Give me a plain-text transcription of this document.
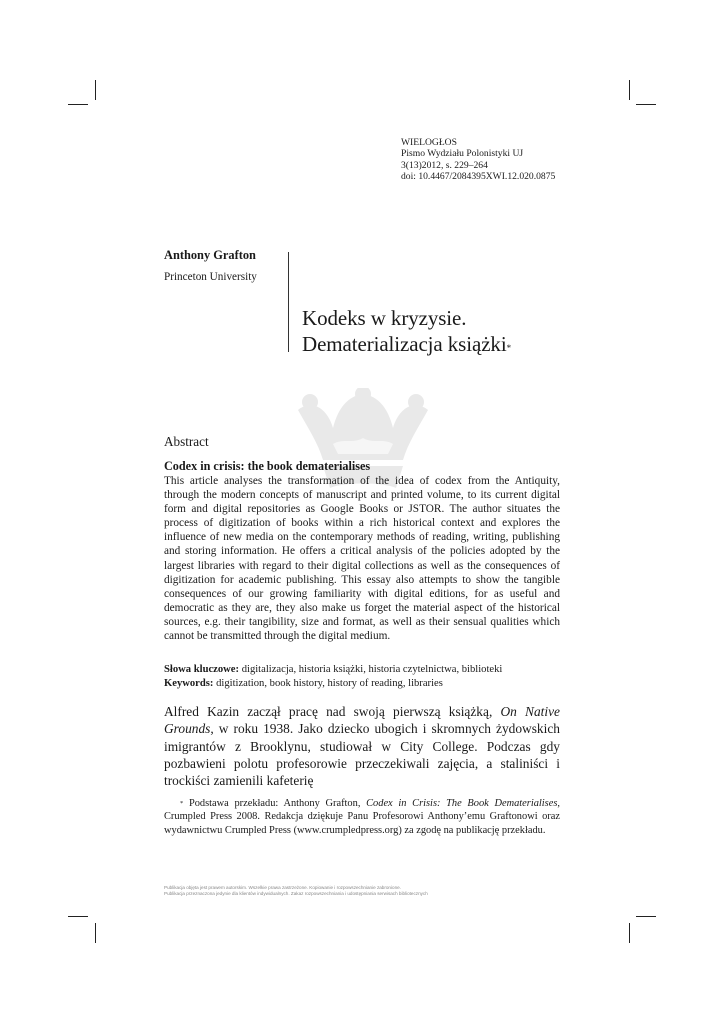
WIELOGŁOS
Pismo Wydziału Polonistyki UJ
3(13)2012, s. 229–264
doi: 10.4467/2084395XWI.12.020.0875
Anthony Grafton
Princeton University
Kodeks w kryzysie.
Dematerializacja książki*
Abstract
Codex in crisis: the book dematerialises
This article analyses the transformation of the idea of codex from the Antiquity, through the modern concepts of manuscript and printed volume, to its current digital form and digital repositories as Google Books or JSTOR. The author situates the process of digitization of books within a rich historical context and explores the influence of new media on the contemporary methods of reading, writing, publishing and storing information. He offers a critical analysis of the policies adopted by the largest libraries with regard to their digital collections as well as the consequences of digitization for academic publishing. This essay also attempts to show the tangible consequences of our growing familiarity with digital editions, for as useful and democratic as they are, they also make us forget the material aspect of the historical sources, e.g. their tangibility, size and format, as well as their sensual qualities which cannot be transmitted through the digital medium.
Słowa kluczowe: digitalizacja, historia książki, historia czytelnictwa, biblioteki
Keywords: digitization, book history, history of reading, libraries
Alfred Kazin zaczął pracę nad swoją pierwszą książką, On Native Grounds, w roku 1938. Jako dziecko ubogich i skromnych żydowskich imigrantów z Brooklynu, studiował w City College. Podczas gdy pozbawieni polotu profesorowie przeczekiwali zajęcia, a staliniści i trockiści zamienili kafeterię
* Podstawa przekładu: Anthony Grafton, Codex in Crisis: The Book Dematerialises, Crumpled Press 2008. Redakcja dziękuje Panu Profesorowi Anthony’emu Graftonowi oraz wydawnictwu Crumpled Press (www.crumpledpress.org) za zgodę na publikację przekładu.
Publikacja objęta jest prawem autorskim. Wszelkie prawa zastrzeżone. Kopiowanie i rozpowszechnianie zabronione.
Publikacja przeznaczona jedynie dla klientów indywidualnych. Zakaz rozpowszechniania i udostępniania serwisach bibliotecznych
